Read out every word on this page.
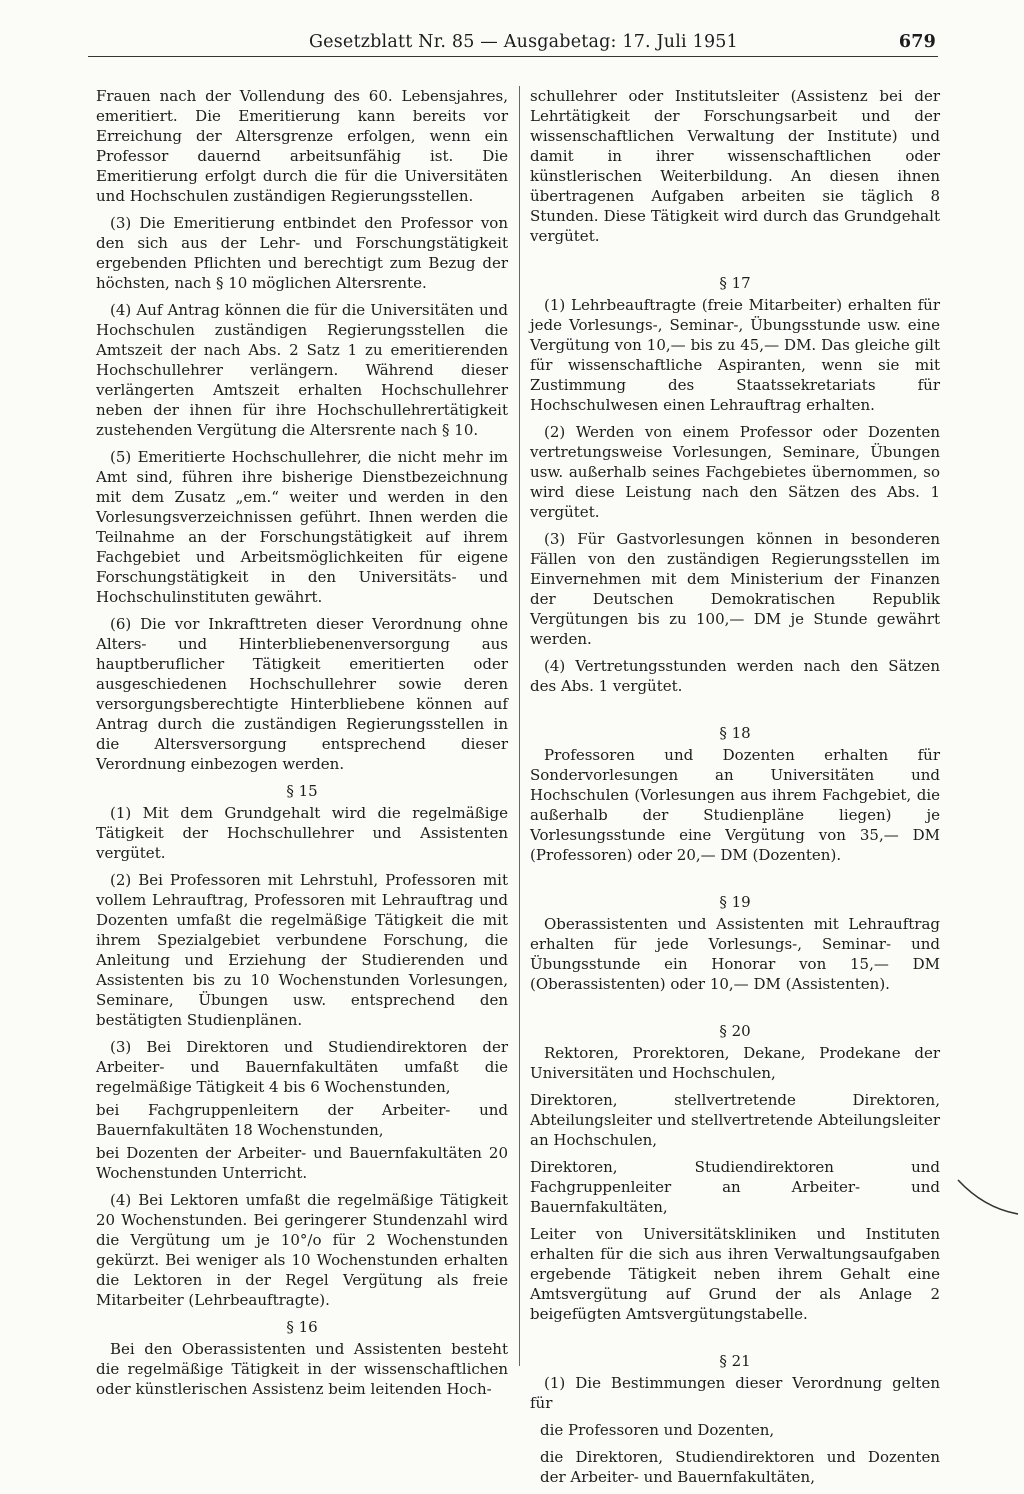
Gesetzblatt Nr. 85 — Ausgabetag: 17. Juli 1951	679

Frauen nach der Vollendung des 60. Lebensjahres, emeritiert. Die Emeritierung kann bereits vor Erreichung der Altersgrenze erfolgen, wenn ein Professor dauernd arbeitsunfähig ist. Die Emeritierung erfolgt durch die für die Universitäten und Hochschulen zuständigen Regierungsstellen.

(3) Die Emeritierung entbindet den Professor von den sich aus der Lehr- und Forschungstätigkeit ergebenden Pflichten und berechtigt zum Bezug der höchsten, nach § 10 möglichen Altersrente.

(4) Auf Antrag können die für die Universitäten und Hochschulen zuständigen Regierungsstellen die Amtszeit der nach Abs. 2 Satz 1 zu emeritierenden Hochschullehrer verlängern. Während dieser verlängerten Amtszeit erhalten Hochschullehrer neben der ihnen für ihre Hochschullehrertätigkeit zustehenden Vergütung die Altersrente nach § 10.

(5) Emeritierte Hochschullehrer, die nicht mehr im Amt sind, führen ihre bisherige Dienstbezeichnung mit dem Zusatz „em.“ weiter und werden in den Vorlesungsverzeichnissen geführt. Ihnen werden die Teilnahme an der Forschungstätigkeit auf ihrem Fachgebiet und Arbeitsmöglichkeiten für eigene Forschungstätigkeit in den Universitäts- und Hochschulinstituten gewährt.

(6) Die vor Inkrafttreten dieser Verordnung ohne Alters- und Hinterbliebenenversorgung aus hauptberuflicher Tätigkeit emeritierten oder ausgeschiedenen Hochschullehrer sowie deren versorgungsberechtigte Hinterbliebene können auf Antrag durch die zuständigen Regierungsstellen in die Altersversorgung entsprechend dieser Verordnung einbezogen werden.

§ 15

(1) Mit dem Grundgehalt wird die regelmäßige Tätigkeit der Hochschullehrer und Assistenten vergütet.

(2) Bei Professoren mit Lehrstuhl, Professoren mit vollem Lehrauftrag, Professoren mit Lehrauftrag und Dozenten umfaßt die regelmäßige Tätigkeit die mit ihrem Spezialgebiet verbundene Forschung, die Anleitung und Erziehung der Studierenden und Assistenten bis zu 10 Wochenstunden Vorlesungen, Seminare, Übungen usw. entsprechend den bestätigten Studienplänen.

(3) Bei Direktoren und Studiendirektoren der Arbeiter- und Bauernfakultäten umfaßt die regelmäßige Tätigkeit 4 bis 6 Wochenstunden,

bei Fachgruppenleitern der Arbeiter- und Bauernfakultäten 18 Wochenstunden,

bei Dozenten der Arbeiter- und Bauernfakultäten 20 Wochenstunden Unterricht.

(4) Bei Lektoren umfaßt die regelmäßige Tätigkeit 20 Wochenstunden. Bei geringerer Stundenzahl wird die Vergütung um je 10°/o für 2 Wochenstunden gekürzt. Bei weniger als 10 Wochenstunden erhalten die Lektoren in der Regel Vergütung als freie Mitarbeiter (Lehrbeauftragte).

§ 16

Bei den Oberassistenten und Assistenten besteht die regelmäßige Tätigkeit in der wissenschaftlichen oder künstlerischen Assistenz beim leitenden Hoch-

schullehrer oder Institutsleiter (Assistenz bei der Lehrtätigkeit der Forschungsarbeit und der wissenschaftlichen Verwaltung der Institute) und damit in ihrer wissenschaftlichen oder künstlerischen Weiterbildung. An diesen ihnen übertragenen Aufgaben arbeiten sie täglich 8 Stunden. Diese Tätigkeit wird durch das Grundgehalt vergütet.

§ 17

(1) Lehrbeauftragte (freie Mitarbeiter) erhalten für jede Vorlesungs-, Seminar-, Übungsstunde usw. eine Vergütung von 10,— bis zu 45,— DM. Das gleiche gilt für wissenschaftliche Aspiranten, wenn sie mit Zustimmung des Staatssekretariats für Hochschulwesen einen Lehrauftrag erhalten.

(2) Werden von einem Professor oder Dozenten vertretungsweise Vorlesungen, Seminare, Übungen usw. außerhalb seines Fachgebietes übernommen, so wird diese Leistung nach den Sätzen des Abs. 1 vergütet.

(3) Für Gastvorlesungen können in besonderen Fällen von den zuständigen Regierungsstellen im Einvernehmen mit dem Ministerium der Finanzen der Deutschen Demokratischen Republik Vergütungen bis zu 100,— DM je Stunde gewährt werden.

(4) Vertretungsstunden werden nach den Sätzen des Abs. 1 vergütet.

§ 18

Professoren und Dozenten erhalten für Sondervorlesungen an Universitäten und Hochschulen (Vorlesungen aus ihrem Fachgebiet, die außerhalb der Studienpläne liegen) je Vorlesungsstunde eine Vergütung von 35,— DM (Professoren) oder 20,— DM (Dozenten).

§ 19

Oberassistenten und Assistenten mit Lehrauftrag erhalten für jede Vorlesungs-, Seminar- und Übungsstunde ein Honorar von 15,— DM (Oberassistenten) oder 10,— DM (Assistenten).

§ 20

Rektoren, Prorektoren, Dekane, Prodekane der Universitäten und Hochschulen,

Direktoren, stellvertretende Direktoren, Abteilungsleiter und stellvertretende Abteilungsleiter an Hochschulen,

Direktoren, Studiendirektoren und Fachgruppenleiter an Arbeiter- und Bauernfakultäten,

Leiter von Universitätskliniken und Instituten erhalten für die sich aus ihren Verwaltungsaufgaben ergebende Tätigkeit neben ihrem Gehalt eine Amtsvergütung auf Grund der als Anlage 2 beigefügten Amtsvergütungstabelle.

§ 21

(1) Die Bestimmungen dieser Verordnung gelten für

die Professoren und Dozenten,

die Direktoren, Studiendirektoren und Dozenten der Arbeiter- und Bauernfakultäten,
